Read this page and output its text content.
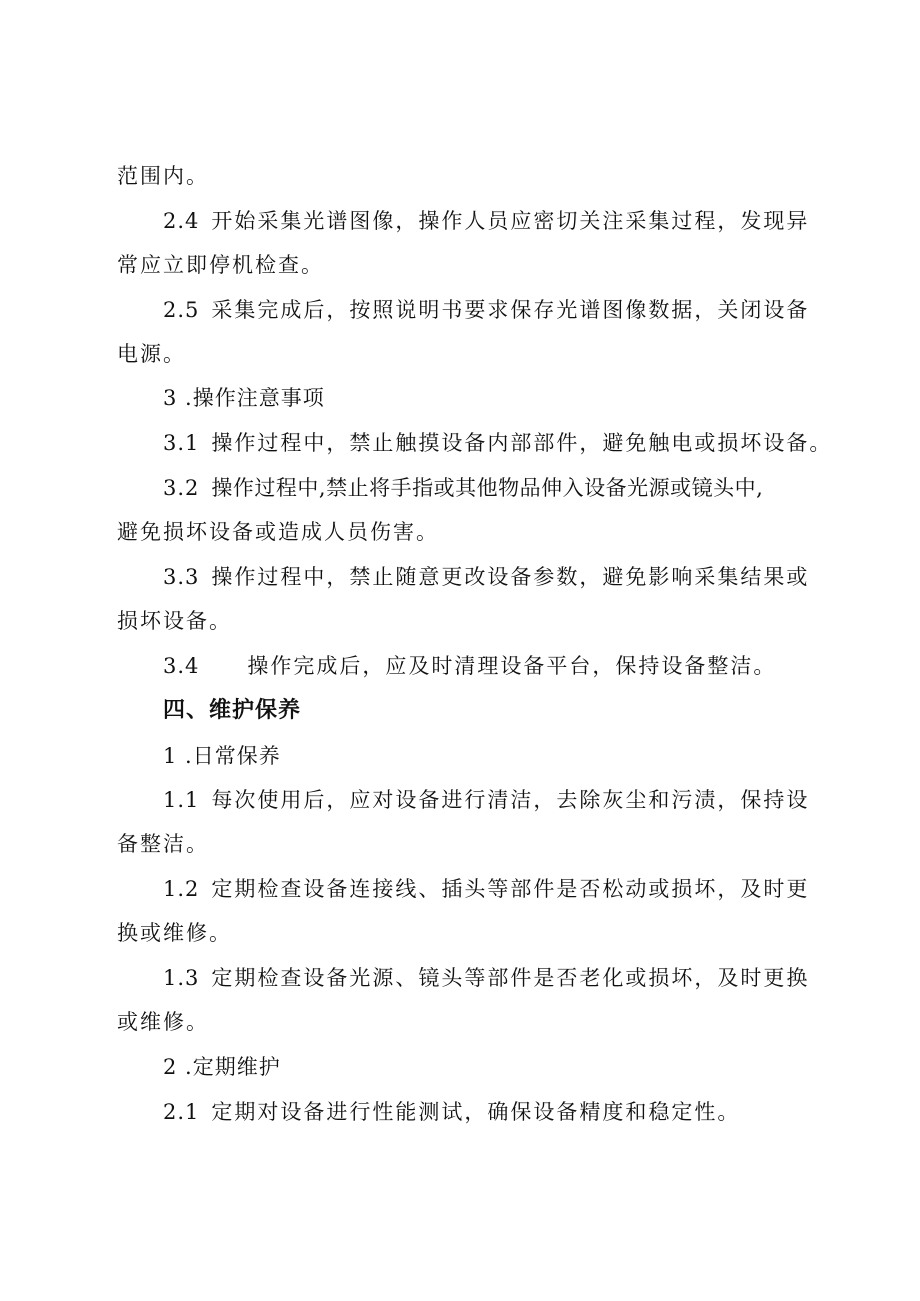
范围内。
2.4 开始采集光谱图像，操作人员应密切关注采集过程，发现异
常应立即停机检查。
2.5 采集完成后，按照说明书要求保存光谱图像数据，关闭设备
电源。
3 .操作注意事项
3.1 操作过程中，禁止触摸设备内部部件，避免触电或损坏设备。
3.2 操作过程中,禁止将手指或其他物品伸入设备光源或镜头中,
避免损坏设备或造成人员伤害。
3.3 操作过程中，禁止随意更改设备参数，避免影响采集结果或
损坏设备。
3.4 操作完成后，应及时清理设备平台，保持设备整洁。
四、维护保养
1 .日常保养
1.1 每次使用后，应对设备进行清洁，去除灰尘和污渍，保持设
备整洁。
1.2 定期检查设备连接线、插头等部件是否松动或损坏，及时更
换或维修。
1.3 定期检查设备光源、镜头等部件是否老化或损坏，及时更换
或维修。
2 .定期维护
2.1 定期对设备进行性能测试，确保设备精度和稳定性。
